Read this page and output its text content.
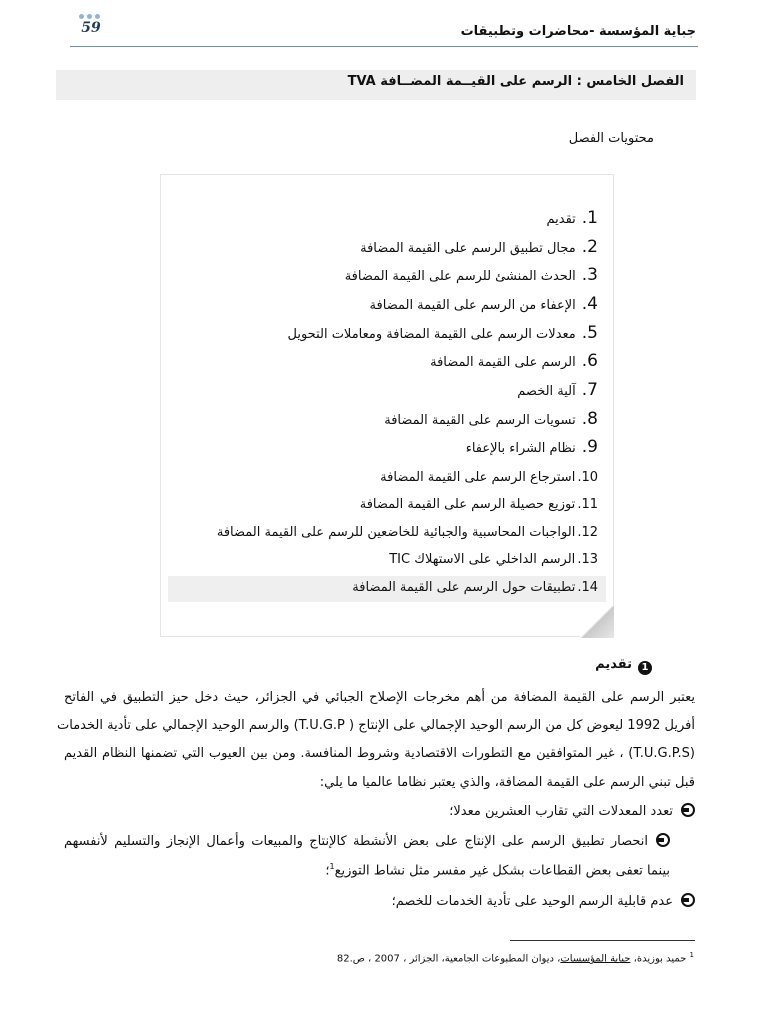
59	جباية المؤسسة -محاضرات وتطبيقات
الفصل الخامس : الرسم على القيــمة المضــافة TVA
محتويات الفصل
1.تقديم
2.مجال تطبيق الرسم على القيمة المضافة
3.الحدث المنشئ للرسم على القيمة المضافة
4.الإعفاء من الرسم على القيمة المضافة
5.معدلات الرسم على القيمة المضافة ومعاملات التحويل
6.الرسم على القيمة المضافة
7.آلية الخصم
8.تسويات الرسم على القيمة المضافة
9.نظام الشراء بالإعفاء
10.استرجاع الرسم على القيمة المضافة
11.توزيع حصيلة الرسم على القيمة المضافة
12.الواجبات المحاسبية والجبائية للخاضعين للرسم على القيمة المضافة
13.الرسم الداخلي على الاستهلاك TIC
14.تطبيقات حول الرسم على القيمة المضافة
1تقديم
يعتبر الرسم على القيمة المضافة من أهم مخرجات الإصلاح الجبائي في الجزائر، حيث دخل حيز التطبيق في الفاتح
أفريل 1992 ليعوض كل من الرسم الوحيد الإجمالي على الإنتاج ( T.U.G.P) والرسم الوحيد الإجمالي على تأدية الخدمات
(T.U.G.P.S) ، غير المتوافقين مع التطورات الاقتصادية وشروط المنافسة. ومن بين العيوب التي تضمنها النظام القديم
قبل تبني الرسم على القيمة المضافة، والذي يعتبر نظاما عالميا ما يلي:
تعدد المعدلات التي تقارب العشرين معدلا؛
انحصار تطبيق الرسم على الإنتاج على بعض الأنشطة كالإنتاج والمبيعات وأعمال الإنجاز والتسليم لأنفسهم
بينما تعفى بعض القطاعات بشكل غير مفسر مثل نشاط التوزيع$^1$؛
عدم قابلية الرسم الوحيد على تأدية الخدمات للخصم؛
$^1$ حميد بوزيدة، جباية المؤسسات، ديوان المطبوعات الجامعية، الجزائر ، 2007 ، ص.82
